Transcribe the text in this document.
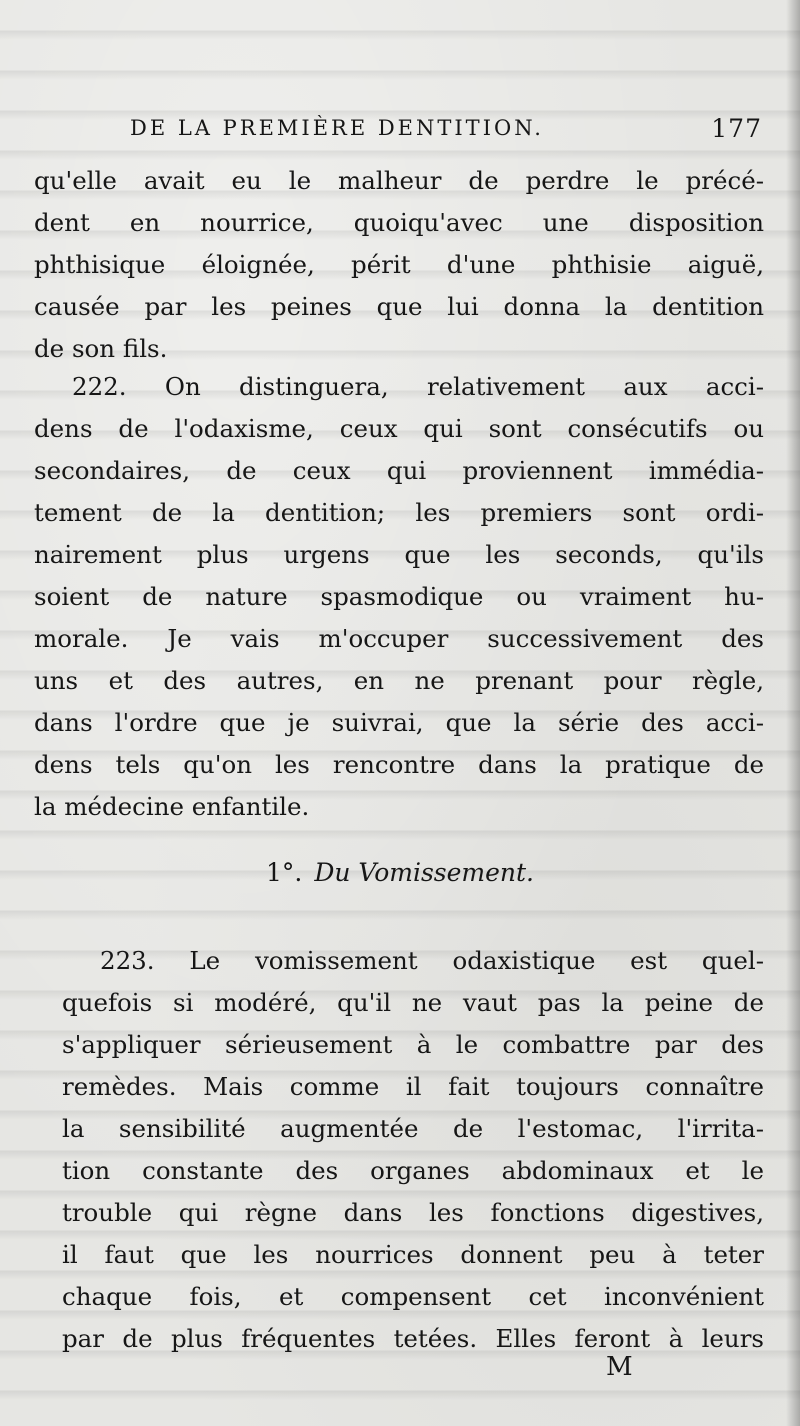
DE LA PREMIÈRE DENTITION.	177
qu'elle avait eu le malheur de perdre le précé-
dent en nourrice, quoiqu'avec une disposition
phthisique éloignée, périt d'une phthisie aiguë,
causée par les peines que lui donna la dentition
de son fils.
222. On distinguera, relativement aux acci-
dens de l'odaxisme, ceux qui sont consécutifs ou
secondaires, de ceux qui proviennent immédia-
tement de la dentition; les premiers sont ordi-
nairement plus urgens que les seconds, qu'ils
soient de nature spasmodique ou vraiment hu-
morale. Je vais m'occuper successivement des
uns et des autres, en ne prenant pour règle,
dans l'ordre que je suivrai, que la série des acci-
dens tels qu'on les rencontre dans la pratique de
la médecine enfantile.
1°. Du Vomissement.
223. Le vomissement odaxistique est quel-
quefois si modéré, qu'il ne vaut pas la peine de
s'appliquer sérieusement à le combattre par des
remèdes. Mais comme il fait toujours connaître
la sensibilité augmentée de l'estomac, l'irrita-
tion constante des organes abdominaux et le
trouble qui règne dans les fonctions digestives,
il faut que les nourrices donnent peu à teter
chaque fois, et compensent cet inconvénient
par de plus fréquentes tetées. Elles feront à leurs
M
